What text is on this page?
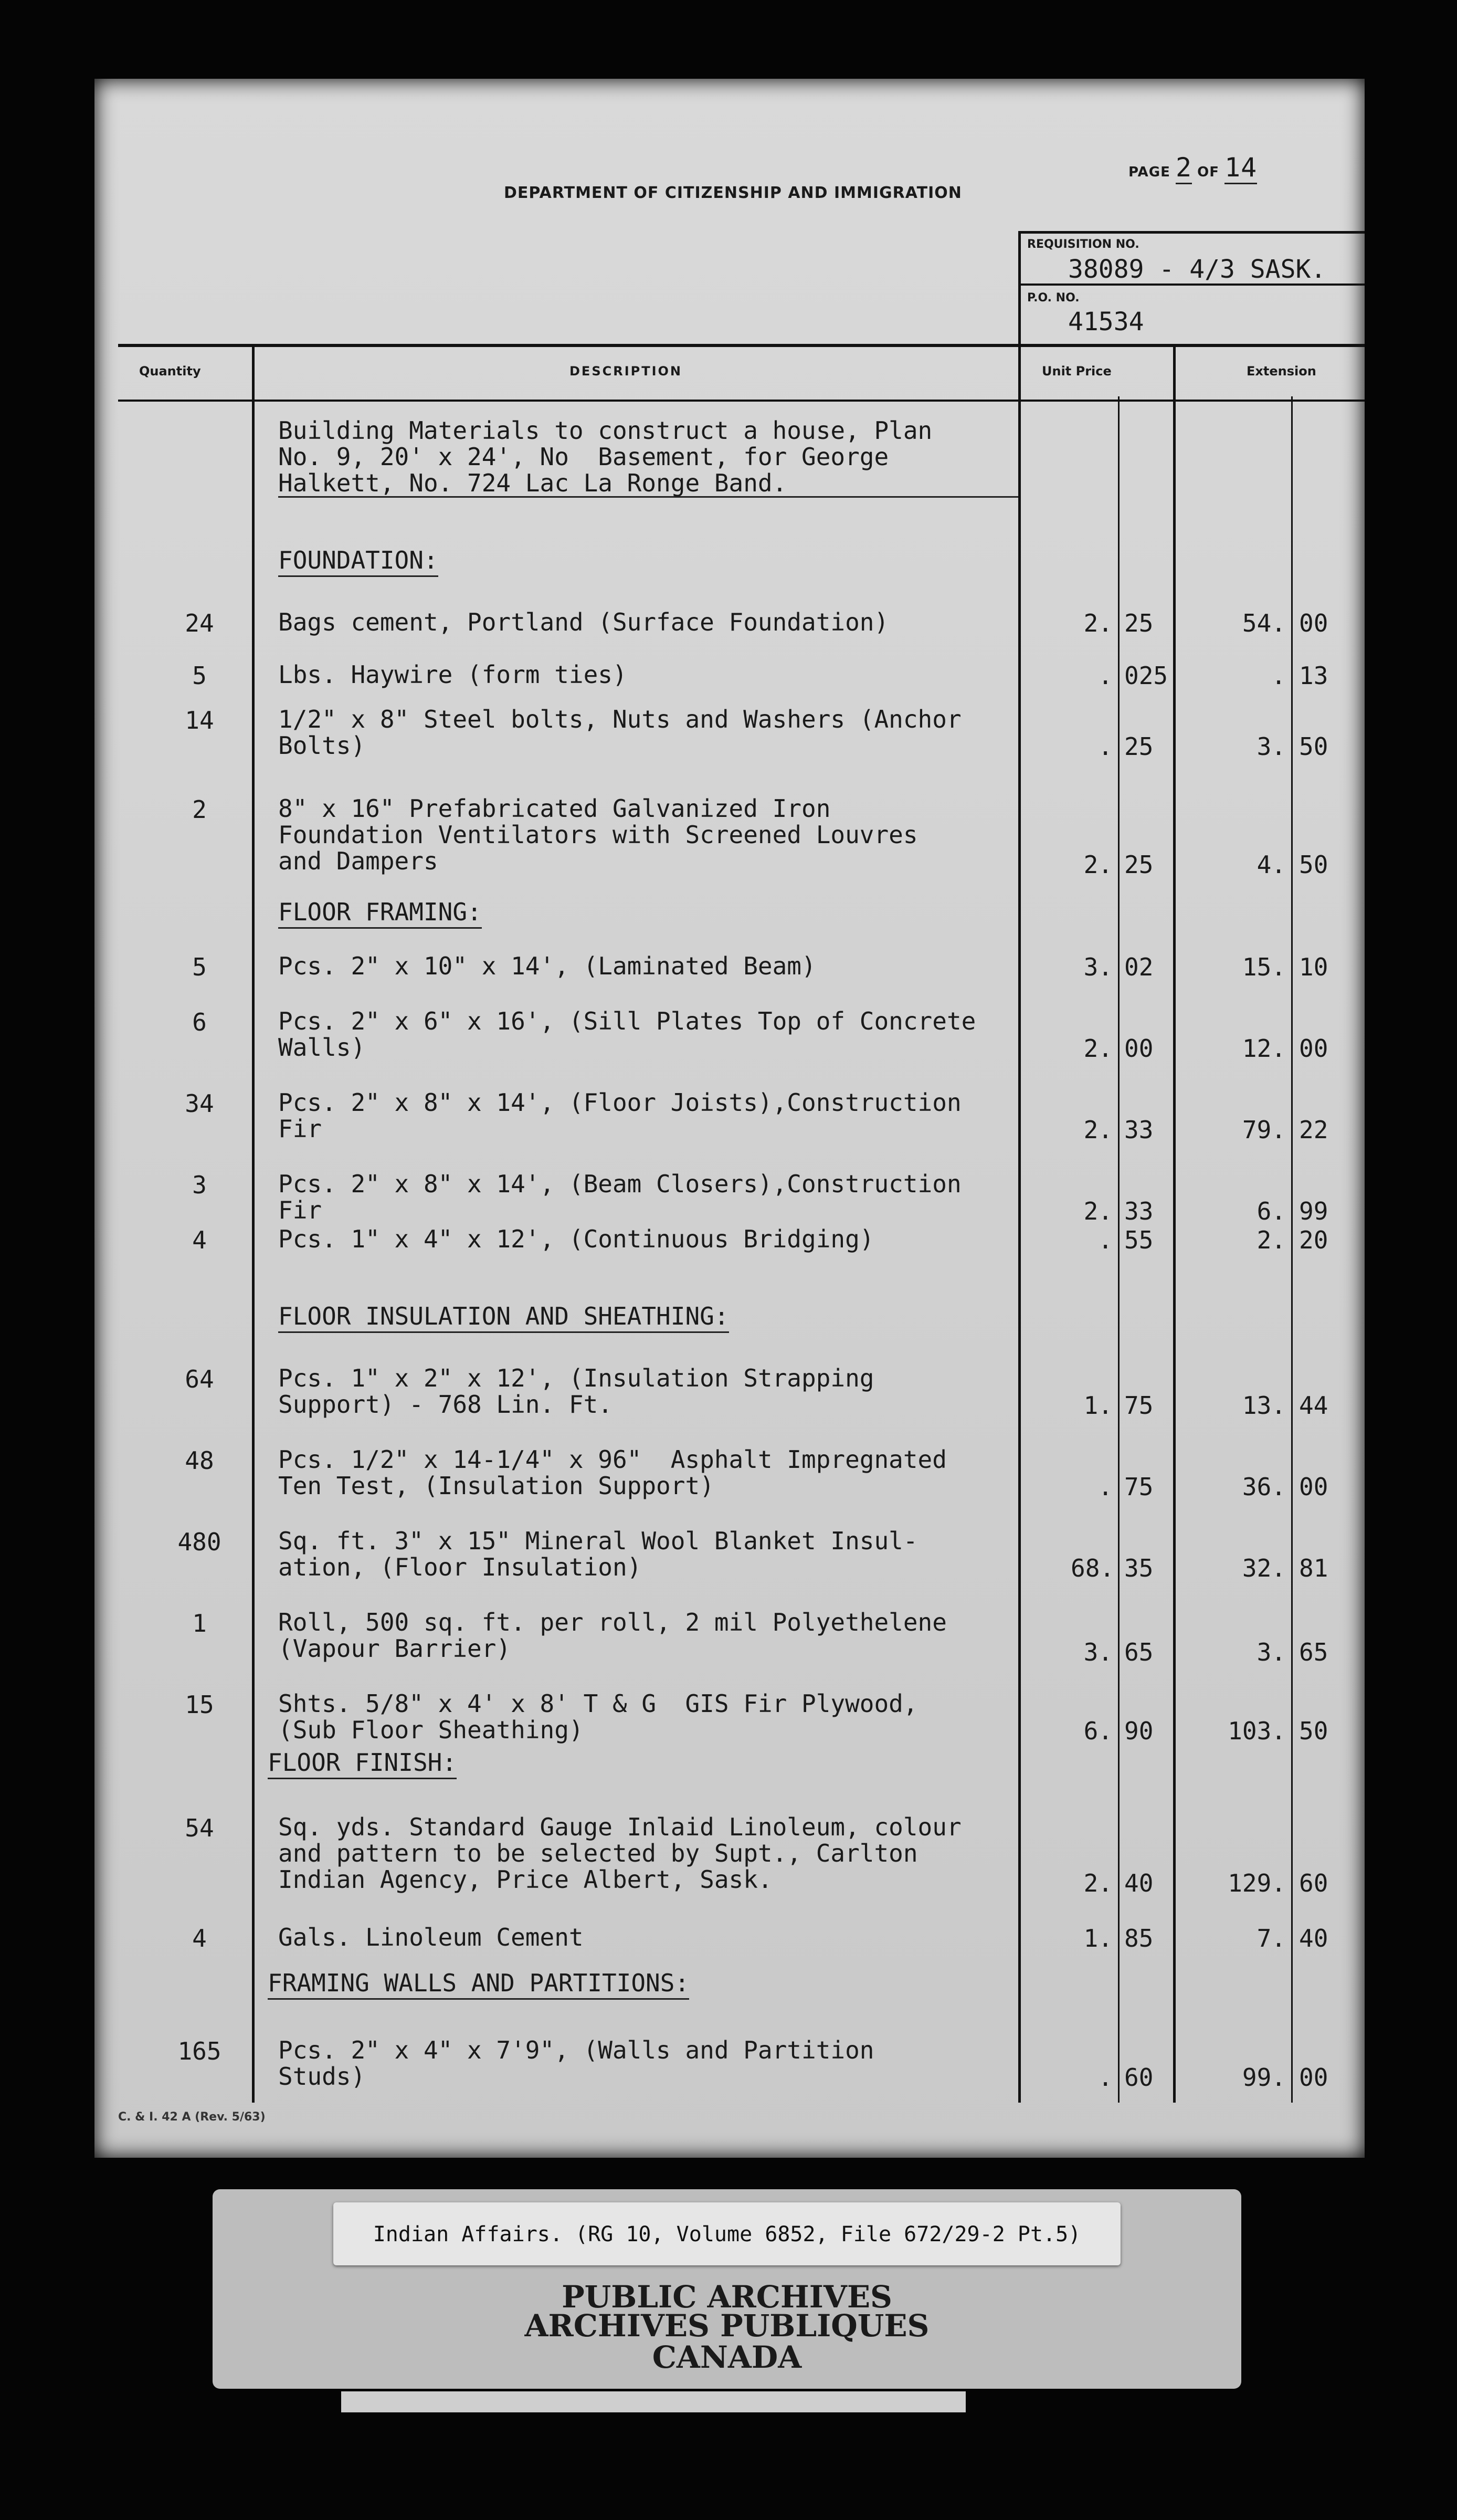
PAGE 2 OF 14
DEPARTMENT OF CITIZENSHIP AND IMMIGRATION
REQUISITION NO.
38089 - 4/3 SASK.
P.O. NO.
41534
Quantity	DESCRIPTION	Unit Price	Extension
Building Materials to construct a house, Plan
No. 9, 20' x 24', No  Basement, for George
Halkett, No. 724 Lac La Ronge Band.
FOUNDATION:
FLOOR FRAMING:
FLOOR INSULATION AND SHEATHING:
FLOOR FINISH:
FRAMING WALLS AND PARTITIONS:
24	Bags cement, Portland (Surface Foundation)	2. 25	54. 00
5	Lbs. Haywire (form ties)	. 025	. 13
14	1/2" x 8" Steel bolts, Nuts and Washers (Anchor
Bolts)	. 25	3. 50
2	8" x 16" Prefabricated Galvanized Iron
Foundation Ventilators with Screened Louvres
and Dampers	2. 25	4. 50
5	Pcs. 2" x 10" x 14', (Laminated Beam)	3. 02	15. 10
6	Pcs. 2" x 6" x 16', (Sill Plates Top of Concrete
Walls)	2. 00	12. 00
34	Pcs. 2" x 8" x 14', (Floor Joists),Construction
Fir	2. 33	79. 22
3	Pcs. 2" x 8" x 14', (Beam Closers),Construction
Fir	2. 33	6. 99
4	Pcs. 1" x 4" x 12', (Continuous Bridging)	. 55	2. 20
64	Pcs. 1" x 2" x 12', (Insulation Strapping
Support) - 768 Lin. Ft.	1. 75	13. 44
48	Pcs. 1/2" x 14-1/4" x 96"  Asphalt Impregnated
Ten Test, (Insulation Support)	. 75	36. 00
480	Sq. ft. 3" x 15" Mineral Wool Blanket Insul-
ation, (Floor Insulation)	68. 35	32. 81
1	Roll, 500 sq. ft. per roll, 2 mil Polyethelene
(Vapour Barrier)	3. 65	3. 65
15	Shts. 5/8" x 4' x 8' T & G  GIS Fir Plywood,
(Sub Floor Sheathing)	6. 90	103. 50
54	Sq. yds. Standard Gauge Inlaid Linoleum, colour
and pattern to be selected by Supt., Carlton
Indian Agency, Price Albert, Sask.	2. 40	129. 60
4	Gals. Linoleum Cement	1. 85	7. 40
165	Pcs. 2" x 4" x 7'9", (Walls and Partition
Studs)	. 60	99. 00
C. & I. 42 A (Rev. 5/63)
Indian Affairs. (RG 10, Volume 6852, File 672/29-2 Pt.5)
PUBLIC ARCHIVES
ARCHIVES PUBLIQUES
CANADA
